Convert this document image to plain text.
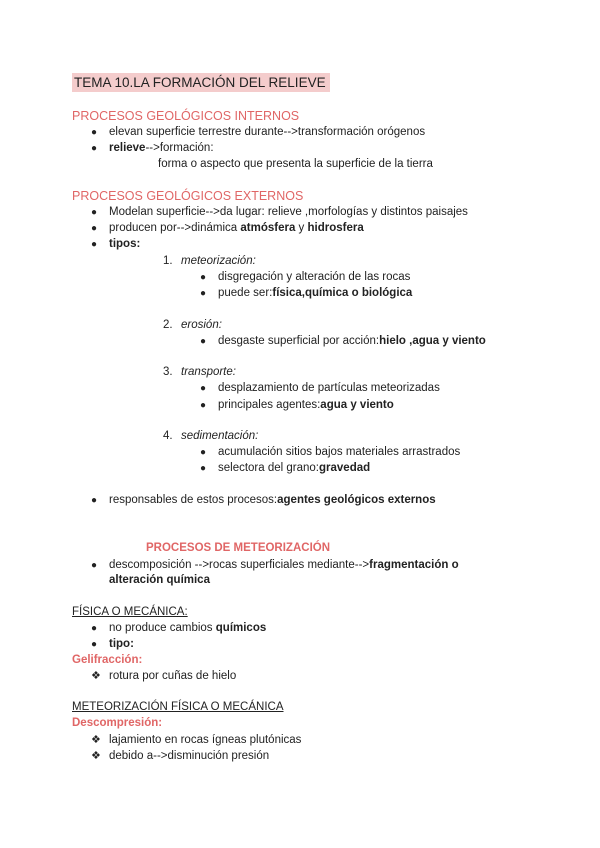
TEMA 10.LA FORMACIÓN DEL RELIEVE
PROCESOS GEOLÓGICOS INTERNOS
● elevan superficie terrestre durante-->transformación orógenos
● relieve-->formación:
forma o aspecto que presenta la superficie de la tierra
PROCESOS GEOLÓGICOS EXTERNOS
● Modelan superficie-->da lugar: relieve ,morfologías y distintos paisajes
● producen por-->dinámica atmósfera y hidrosfera
● tipos:
1. meteorización:
● disgregación y alteración de las rocas
● puede ser:física,química o biológica
2. erosión:
● desgaste superficial por acción:hielo ,agua y viento
3. transporte:
● desplazamiento de partículas meteorizadas
● principales agentes:agua y viento
4. sedimentación:
● acumulación sitios bajos materiales arrastrados
● selectora del grano:gravedad
● responsables de estos procesos:agentes geológicos externos
PROCESOS DE METEORIZACIÓN
● descomposición -->rocas superficiales mediante-->fragmentación o
alteración química
FÍSICA O MECÁNICA:
● no produce cambios químicos
● tipo:
Gelifracción:
❖ rotura por cuñas de hielo
METEORIZACIÓN FÍSICA O MECÁNICA
Descompresión:
❖ lajamiento en rocas ígneas plutónicas
❖ debido a-->disminución presión
